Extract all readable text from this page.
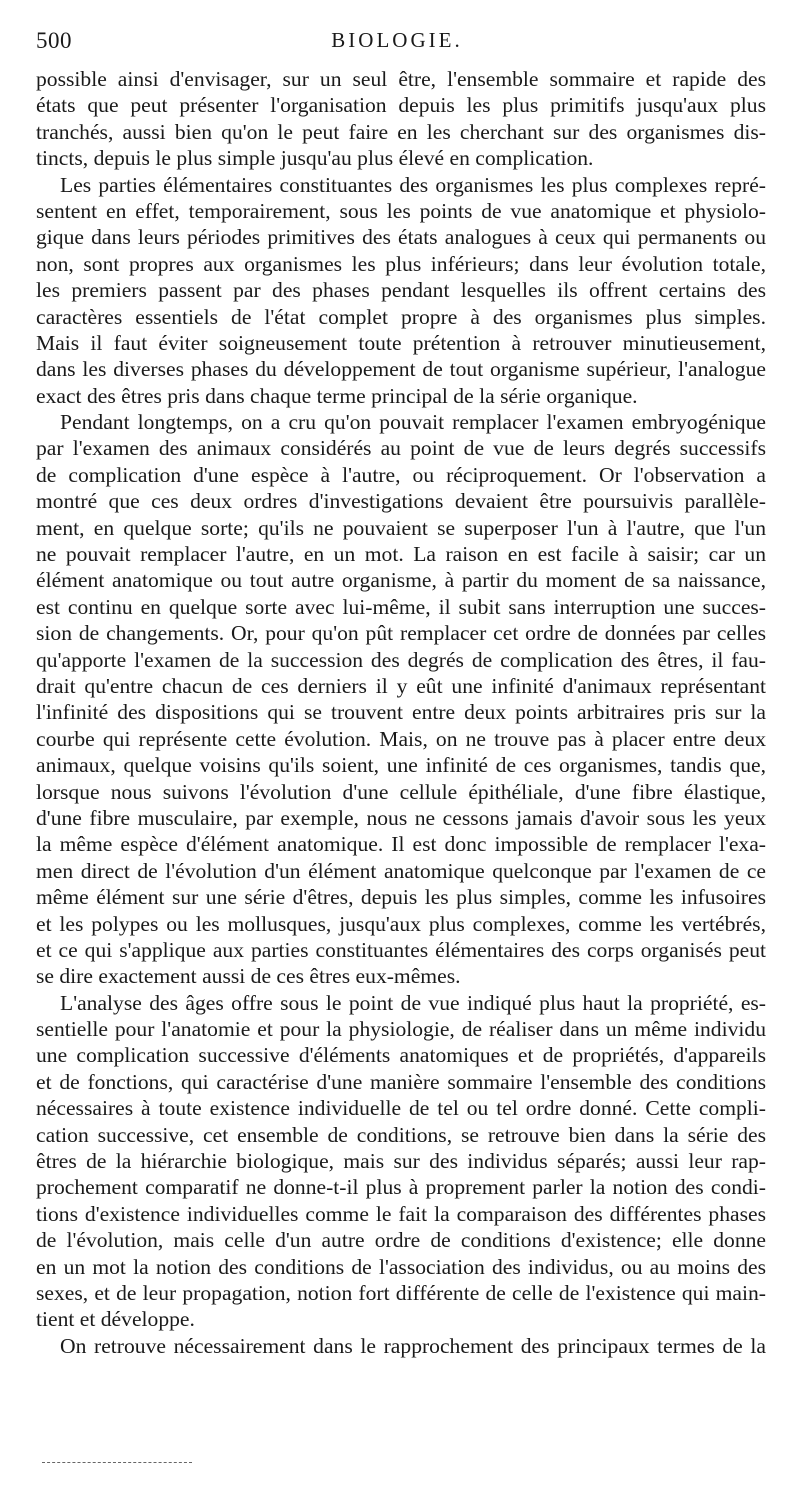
500	BIOLOGIE.
possible ainsi d'envisager, sur un seul être, l'ensemble sommaire et rapide des
états que peut présenter l'organisation depuis les plus primitifs jusqu'aux plus
tranchés, aussi bien qu'on le peut faire en les cherchant sur des organismes dis-
tincts, depuis le plus simple jusqu'au plus élevé en complication.
Les parties élémentaires constituantes des organismes les plus complexes repré-
sentent en effet, temporairement, sous les points de vue anatomique et physiolo-
gique dans leurs périodes primitives des états analogues à ceux qui permanents ou
non, sont propres aux organismes les plus inférieurs; dans leur évolution totale,
les premiers passent par des phases pendant lesquelles ils offrent certains des
caractères essentiels de l'état complet propre à des organismes plus simples.
Mais il faut éviter soigneusement toute prétention à retrouver minutieusement,
dans les diverses phases du développement de tout organisme supérieur, l'analogue
exact des êtres pris dans chaque terme principal de la série organique.
Pendant longtemps, on a cru qu'on pouvait remplacer l'examen embryogénique
par l'examen des animaux considérés au point de vue de leurs degrés successifs
de complication d'une espèce à l'autre, ou réciproquement. Or l'observation a
montré que ces deux ordres d'investigations devaient être poursuivis parallèle-
ment, en quelque sorte; qu'ils ne pouvaient se superposer l'un à l'autre, que l'un
ne pouvait remplacer l'autre, en un mot. La raison en est facile à saisir; car un
élément anatomique ou tout autre organisme, à partir du moment de sa naissance,
est continu en quelque sorte avec lui-même, il subit sans interruption une succes-
sion de changements. Or, pour qu'on pût remplacer cet ordre de données par celles
qu'apporte l'examen de la succession des degrés de complication des êtres, il fau-
drait qu'entre chacun de ces derniers il y eût une infinité d'animaux représentant
l'infinité des dispositions qui se trouvent entre deux points arbitraires pris sur la
courbe qui représente cette évolution. Mais, on ne trouve pas à placer entre deux
animaux, quelque voisins qu'ils soient, une infinité de ces organismes, tandis que,
lorsque nous suivons l'évolution d'une cellule épithéliale, d'une fibre élastique,
d'une fibre musculaire, par exemple, nous ne cessons jamais d'avoir sous les yeux
la même espèce d'élément anatomique. Il est donc impossible de remplacer l'exa-
men direct de l'évolution d'un élément anatomique quelconque par l'examen de ce
même élément sur une série d'êtres, depuis les plus simples, comme les infusoires
et les polypes ou les mollusques, jusqu'aux plus complexes, comme les vertébrés,
et ce qui s'applique aux parties constituantes élémentaires des corps organisés peut
se dire exactement aussi de ces êtres eux-mêmes.
L'analyse des âges offre sous le point de vue indiqué plus haut la propriété, es-
sentielle pour l'anatomie et pour la physiologie, de réaliser dans un même individu
une complication successive d'éléments anatomiques et de propriétés, d'appareils
et de fonctions, qui caractérise d'une manière sommaire l'ensemble des conditions
nécessaires à toute existence individuelle de tel ou tel ordre donné. Cette compli-
cation successive, cet ensemble de conditions, se retrouve bien dans la série des
êtres de la hiérarchie biologique, mais sur des individus séparés; aussi leur rap-
prochement comparatif ne donne-t-il plus à proprement parler la notion des condi-
tions d'existence individuelles comme le fait la comparaison des différentes phases
de l'évolution, mais celle d'un autre ordre de conditions d'existence; elle donne
en un mot la notion des conditions de l'association des individus, ou au moins des
sexes, et de leur propagation, notion fort différente de celle de l'existence qui main-
tient et développe.
On retrouve nécessairement dans le rapprochement des principaux termes de la
